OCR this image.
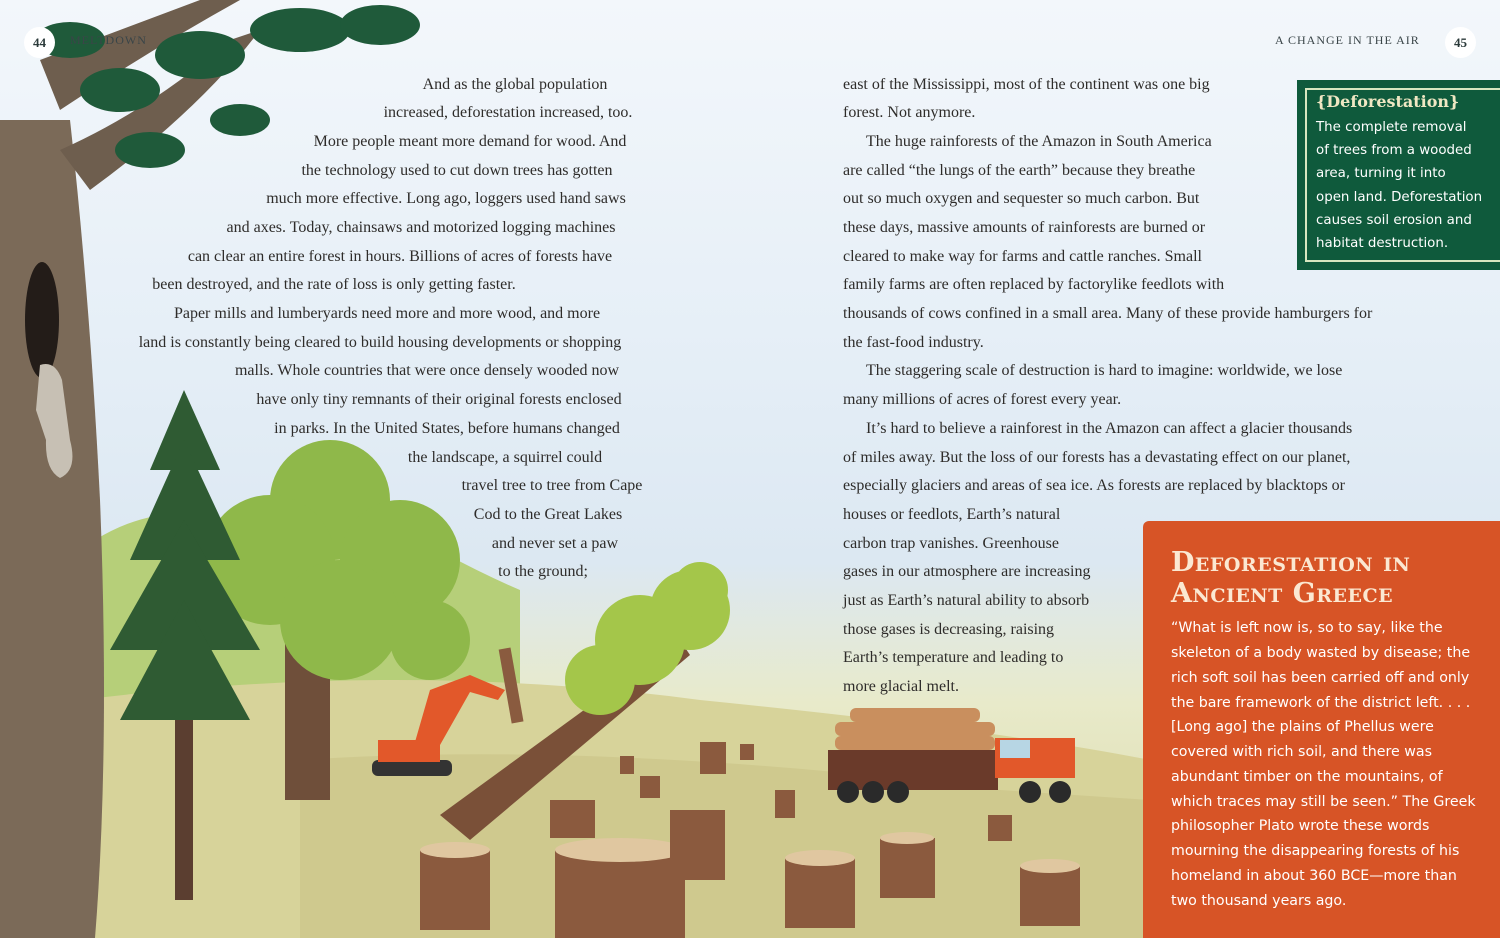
44	MELTDOWN	A CHANGE IN THE AIR	45
And as the global population
increased, deforestation increased, too.
More people meant more demand for wood. And
the technology used to cut down trees has gotten
much more effective. Long ago, loggers used hand saws
and axes. Today, chainsaws and motorized logging machines
can clear an entire forest in hours. Billions of acres of forests have
been destroyed, and the rate of loss is only getting faster.
Paper mills and lumberyards need more and more wood, and more
land is constantly being cleared to build housing developments or shopping
malls. Whole countries that were once densely wooded now
have only tiny remnants of their original forests enclosed
in parks. In the United States, before humans changed
the landscape, a squirrel could
travel tree to tree from Cape
Cod to the Great Lakes
and never set a paw
to the ground;
east of the Mississippi, most of the continent was one big
forest. Not anymore.
The huge rainforests of the Amazon in South America
are called “the lungs of the earth” because they breathe
out so much oxygen and sequester so much carbon. But
these days, massive amounts of rainforests are burned or
cleared to make way for farms and cattle ranches. Small
family farms are often replaced by factorylike feedlots with
thousands of cows confined in a small area. Many of these provide hamburgers for
the fast-food industry.
The staggering scale of destruction is hard to imagine: worldwide, we lose
many millions of acres of forest every year.
It’s hard to believe a rainforest in the Amazon can affect a glacier thousands
of miles away. But the loss of our forests has a devastating effect on our planet,
especially glaciers and areas of sea ice. As forests are replaced by blacktops or
houses or feedlots, Earth’s natural
carbon trap vanishes. Greenhouse
gases in our atmosphere are increasing
just as Earth’s natural ability to absorb
those gases is decreasing, raising
Earth’s temperature and leading to
more glacial melt.
{Deforestation}
The complete removal
of trees from a wooded
area, turning it into
open land. Deforestation
causes soil erosion and
habitat destruction.
Deforestation in
Ancient Greece
“What is left now is, so to say, like the
skeleton of a body wasted by disease; the
rich soft soil has been carried off and only
the bare framework of the district left. . . .
[Long ago] the plains of Phellus were
covered with rich soil, and there was
abundant timber on the mountains, of
which traces may still be seen.” The Greek
philosopher Plato wrote these words
mourning the disappearing forests of his
homeland in about 360 BCE—more than
two thousand years ago.
